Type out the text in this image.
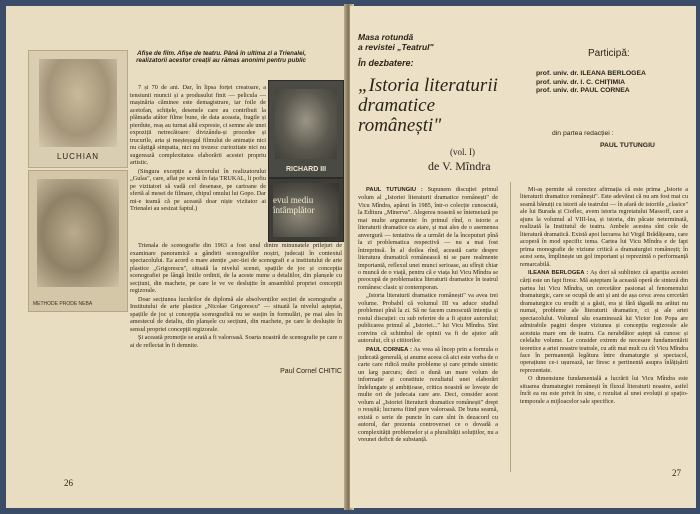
Afișe de film. Afișe de teatru. Până în ultima zi a Trienalei, realizatorii acestor creații au rămas anonimi pentru public
LUCHIAN
METHODE PRODE NEBA

7 și 70 de ani. Dar, în lipsa forței creatoare, a tensiunii muncii și a produsului finit — pelicula — mașinăria căminee este demagistrare, iar foile de acetofan, schițele, desenele care au contribuit la plămada atâtor filme bune, de data aceasta, fragile și pierdute, reaș au turnat altă expresie, ci semne ale unei expoziții netrecătoare: divizându-și procedee și trucurile, arta și meșteșugul filmului de animație nici nu căștigă simpatia, nici nu trezesc curiozitate nici nu sugerează complexitatea elaborării acestei propriu artistic.

(Singura excepție a decorului în realizatorului „Gulas", care, aflat pe scenă în fața TRUKAL, li pofiu pe vizitatori să vadă cel desenase, pe cartoane de sfertă al mesei de filmare, chipul omului lui Gopo. Dar mi-e teamă că pe această doar niște vizitator ai Trienalei au sesizat faptul.)

RICHARD III
evul mediu întâmplător

Trienala de scenografie din 1963 a fost unul dintre minunatele prilejuri de examinare panoramică a gândirii scenografilor noștri, judecați în contextul spectacolului. Ea acord o mare atenție „sec-tiei de scenografi e a institutului de arte plastice „Grigorescu", situată la nivelul scenei, spațiile de joc și concepția scenografiei pe lângă liniile ordinii, de la aceste nume a detaliilor, din planșele cu secțiuni, din machete, pe care le ve ve desluțite în ansamblul propriei concepții regizorale.

Doar secțiunea lucrărilor de diplomă ale absolvenților secției de scenografie a Institutului de arte plastice „Nicolae Grigorescu" — situată la nivelul așteptat, spațiile de joc și concepția scenografică nu se susțin în formulări, pe mai ales în amestecul de detaliu, din planșele cu secțiuni, din machete, pe care le deslușite în sensul propriei concepții regizorale.

Și această promoție se arată a fi valoroasă. Soarta noastră de scenografie pe care o ai de reflectat în fi demnite.

Paul Cornel CHITIC
26
Masa rotundă
a revistei „Teatrul"
În dezbatere:
„Istoria literaturii dramatice românești"
(vol. I)
de V. Mîndra
Participă:
prof. univ. dr. ILEANA BERLOGEA
prof. univ. dr. I. C. CHIȚIMIA
prof. univ. dr. PAUL CORNEA
din partea redacției :
PAUL TUTUNGIU

PAUL TUTUNGIU : Supunem discuției primul volum al „Istoriei literaturii dramatice românești" de Vicu Mîndra, apărut în 1985, într-o colecție cunoscută, la Editura „Minerva". Alegerea noastră se întemeiază pe mai multe argumente: în primul rînd, o istorie a literaturii dramatice ca atare, și mai ales de o asemenea anvergură — tentativa de a urmări de la începuturi pînă la zi problematica respectivă — nu a mai fost întreprinsă. În al doilea rînd, această carte despre literatura dramatică românească ni se pare realmente importantă, reflexul unei munci serioase, au sfîrșit chiar o muncă de o viață, pentru că e viața lui Vicu Mîndra se preocupă de problematica literaturii dramatice în teatrul românesc clasic și contemporan.

„Istoria literaturii dramatice românești" va avea trei volume. Probabil că volumul III va aduce studiul problemei pînă la zi. Să ne facem cunoscută intenția și rostul discuției: cu sub referire de a fi ajutor autorului; publicarea primul al „Istoriei..." lui Vicu Mîndra. Sînt convins că schimbul de opinii va fi de ajutor atît autorului, cît și cititorilor.

PAUL CORNEA : As vrea să încep prin a formula o judecată generală, și anume aceea că aici este vorba de o carte care ridică multe probleme și care prinde sintetic un larg parcurs; deci o dună un mare volum de informație și constituie rezultatul unei elaborări îndelungate și ambițioase, critica noastră se lovește de multe ori de judecata care are. Deci, consider acest volum al „Istoriei literaturii dramatice românești" drept o reușită; lucrarea fiind pure valoroasă. De buna seamă, există o serie de puncte în care sînt în dezacord cu autorul, dar prezenta controversei ce o dovadă a complexității problemelor și a pluralității soluțiilor, nu a vreunei deficit de substanță.

Mi-aș permite să corectez afirmația că este prima „Istorie a literaturii dramatice românești". Este adevărat că nu am fost mai cu seamă bănuiți cu istorii ale teatrului — în afară de istoriile „clasice" ale lui Burada și Cioflec, avem istoria regretatului Massoff, care a ajuns la volumul al VIII-lea, și istoria, din păcate neterminată, realizată la Institutul de teatru. Ambele acestea sînt cele de literatură dramatică. Există apoi lucrarea lui Virgil Brădățeanu, care acoperă în mod specific tema. Cartea lui Vicu Mîndra e de fapt prima monografie de viziune critică a dramaturgiei românești; în acest sens, împlinește un gol important și reprezintă o performanță remarcabilă.

ILEANA BERLOGEA : Aș dori să subliniez că apariția acestei cărți este un fapt firesc. Mă așteptam la această operă de sinteză din partea lui Vicu Mîndra, un cercetător pasionat al fenomenului dramaturgic, care se ocupă de ani și ani de așa ceva: avea cercetări dramaturgice cu erudit și a găsit, era și fără tăgadă nu arătut nu numai, probleme ale literaturii dramatice, ci și ale artei spectacolului. Volumul său examinează lui Victor Ion Popa are admirabile pagini despre viziunea și concepția regizorale ale acestuia mare om de teatru. Ca nerabdător aștept să cunosc și celelalte volume. Le consider extrem de necesare fundamentării teoretice a artei noastre teatrale, cu atît mai mult cu cît Vicu Mîndra face în permanență legătura între dramaturgie și spectacol, operațiune ce-i ușurează, iar firesc e pertinentă asupra înlățișării reprezentate.

O dimensiune fundamentală a lucrării lui Vicu Mîndra este situarea dramaturgiei românești în fluxul literaturii noastre, astfel încît ea nu este privit în sine, c rezultat al unei evoluții și spațio-temporale a mijloacelor sale specifice.

27
